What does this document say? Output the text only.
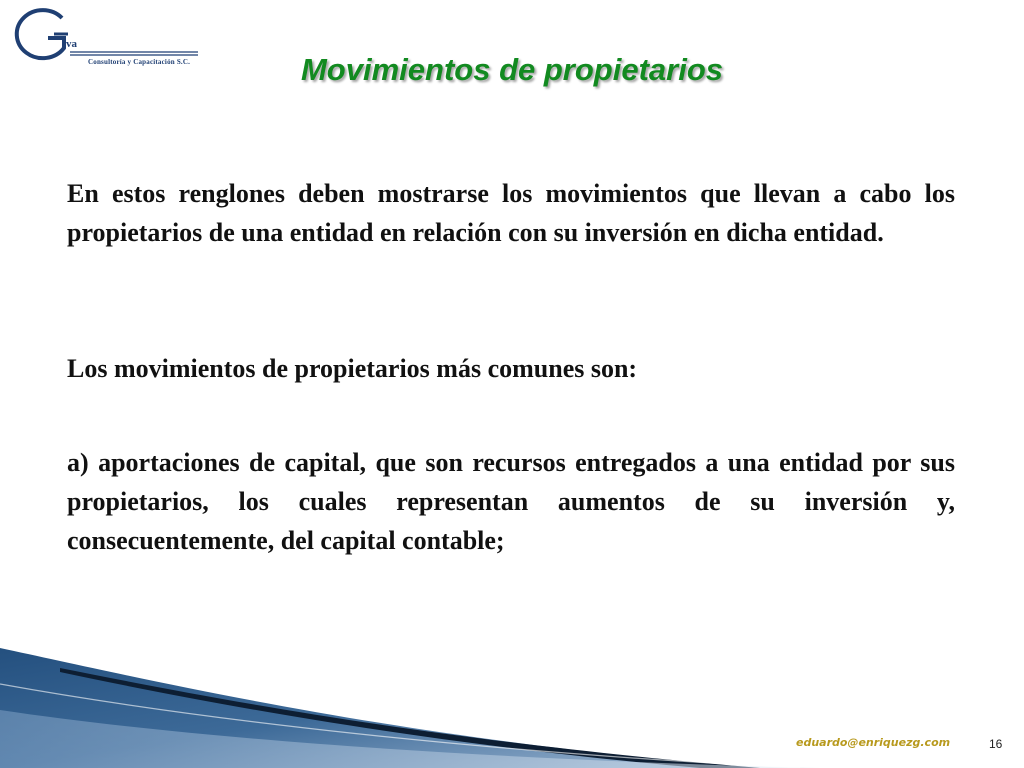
va
Consultoría y Capacitación S.C.	Movimientos de propietarios

En estos renglones deben mostrarse los movimientos que llevan a cabo los propietarios de una entidad en relación con su inversión en dicha entidad.

Los movimientos de propietarios más comunes son:

a) aportaciones de capital, que son recursos entregados a una entidad por sus propietarios, los cuales representan aumentos de su inversión y, consecuentemente, del capital contable;

eduardo@enriquezg.com	16
